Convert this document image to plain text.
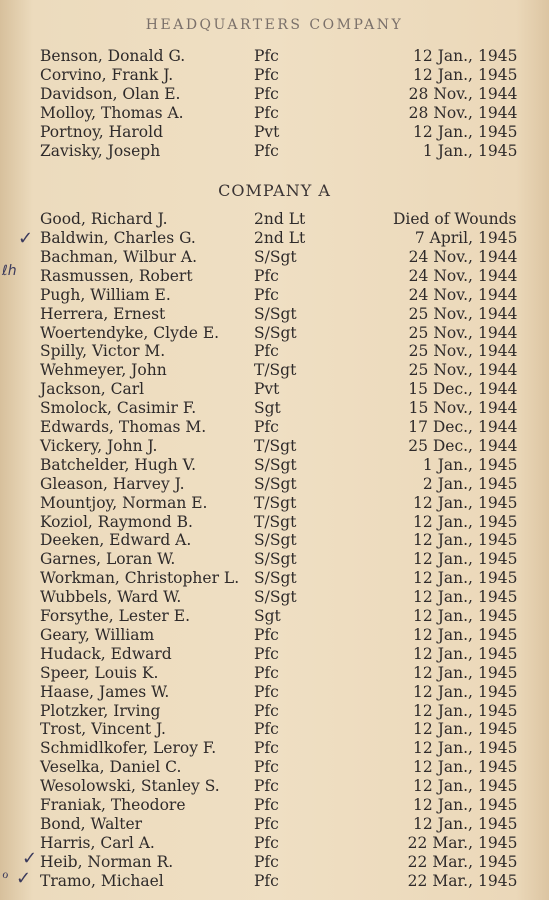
HEADQUARTERS COMPANY
Benson, Donald G.	Pfc	12 Jan., 1945
Corvino, Frank J.	Pfc	12 Jan., 1945
Davidson, Olan E.	Pfc	28 Nov., 1944
Molloy, Thomas A.	Pfc	28 Nov., 1944
Portnoy, Harold	Pvt	12 Jan., 1945
Zavisky, Joseph	Pfc	1 Jan., 1945
COMPANY A
Good, Richard J.	2nd Lt	Died of Wounds
Baldwin, Charles G.	2nd Lt	7 April, 1945
Bachman, Wilbur A.	S/Sgt	24 Nov., 1944
Rasmussen, Robert	Pfc	24 Nov., 1944
Pugh, William E.	Pfc	24 Nov., 1944
Herrera, Ernest	S/Sgt	25 Nov., 1944
Woertendyke, Clyde E. S/Sgt	25 Nov., 1944
Spilly, Victor M.	Pfc	25 Nov., 1944
Wehmeyer, John	T/Sgt	25 Nov., 1944
Jackson, Carl	Pvt	15 Dec., 1944
Smolock, Casimir F.	Sgt	15 Nov., 1944
Edwards, Thomas M.	Pfc	17 Dec., 1944
Vickery, John J.	T/Sgt	25 Dec., 1944
Batchelder, Hugh V.	S/Sgt	1 Jan., 1945
Gleason, Harvey J.	S/Sgt	2 Jan., 1945
Mountjoy, Norman E.	T/Sgt	12 Jan., 1945
Koziol, Raymond B.	T/Sgt	12 Jan., 1945
Deeken, Edward A.	S/Sgt	12 Jan., 1945
Garnes, Loran W.	S/Sgt	12 Jan., 1945
Workman, Christopher L. S/Sgt	12 Jan., 1945
Wubbels, Ward W.	S/Sgt	12 Jan., 1945
Forsythe, Lester E.	Sgt	12 Jan., 1945
Geary, William	Pfc	12 Jan., 1945
Hudack, Edward	Pfc	12 Jan., 1945
Speer, Louis K.	Pfc	12 Jan., 1945
Haase, James W.	Pfc	12 Jan., 1945
Plotzker, Irving	Pfc	12 Jan., 1945
Trost, Vincent J.	Pfc	12 Jan., 1945
Schmidlkofer, Leroy F. Pfc	12 Jan., 1945
Veselka, Daniel C.	Pfc	12 Jan., 1945
Wesolowski, Stanley S. Pfc	12 Jan., 1945
Franiak, Theodore	Pfc	12 Jan., 1945
Bond, Walter	Pfc	12 Jan., 1945
Harris, Carl A.	Pfc	22 Mar., 1945
Heib, Norman R.	Pfc	22 Mar., 1945
Tramo, Michael	Pfc	22 Mar., 1945
✓
ℓh
✓
ℴ ✓
